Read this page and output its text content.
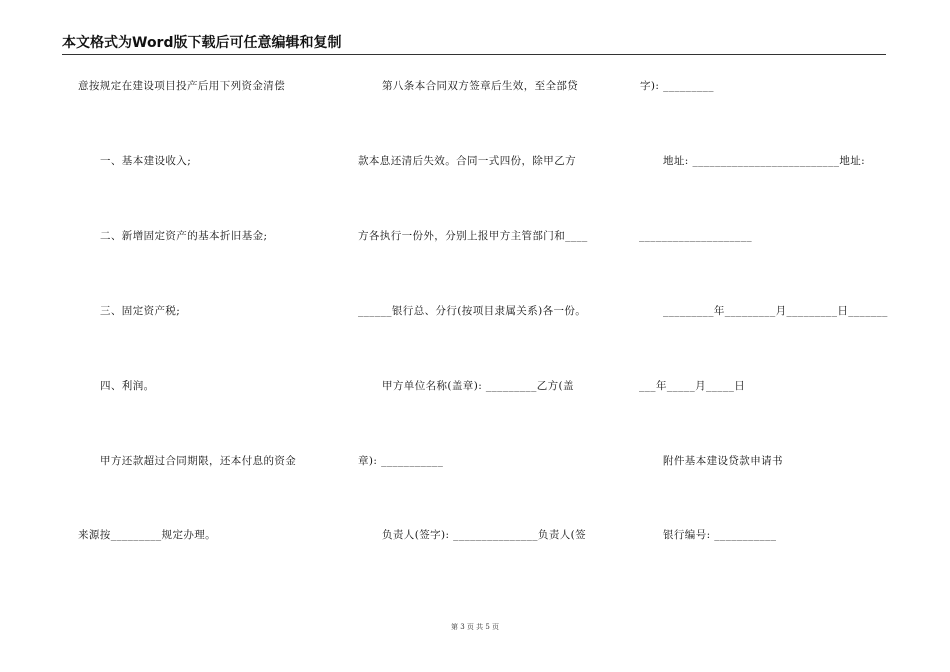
本文格式为Word版下载后可任意编辑和复制
意按规定在建设项目投产后用下列资金清偿
一、基本建设收入;
二、新增固定资产的基本折旧基金;
三、固定资产税;
四、利润。
甲方还款超过合同期限，还本付息的资金
来源按_________规定办理。
第八条本合同双方签章后生效，至全部贷
款本息还清后失效。合同一式四份，除甲乙方
方各执行一份外，分别上报甲方主管部门和____
______银行总、分行(按项目隶属关系)各一份。
甲方单位名称(盖章): _________乙方(盖
章): ___________
负责人(签字): _______________负责人(签
字): _________
地址: __________________________地址:
____________________
_________年_________月_________日_______
___年_____月_____日
附件基本建设贷款申请书
银行编号: ___________
第 3 页 共 5 页
